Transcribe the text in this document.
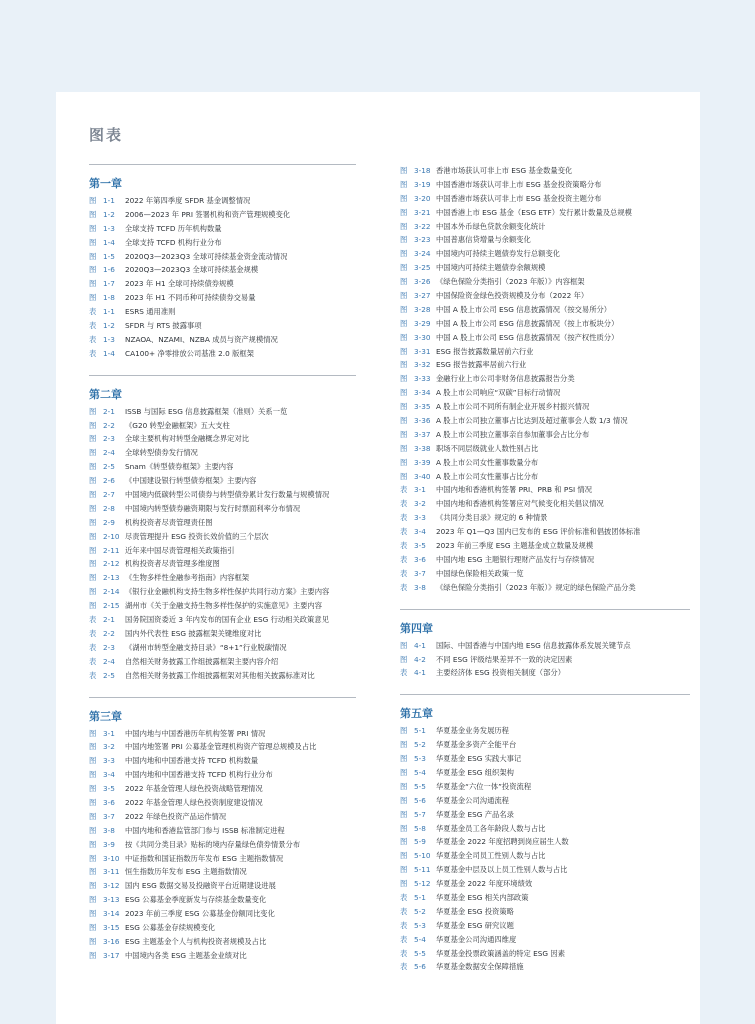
图表
第一章
图 1-1	2022 年第四季度 SFDR 基金调整情况
图 1-2	2006—2023 年 PRI 签署机构和资产管理规模变化
图 1-3	全球支持 TCFD 历年机构数量
图 1-4	全球支持 TCFD 机构行业分布
图 1-5	2020Q3—2023Q3 全球可持续基金资金流动情况
图 1-6	2020Q3—2023Q3 全球可持续基金规模
图 1-7	2023 年 H1 全球可持续债券规模
图 1-8	2023 年 H1 不同币种可持续债券交易量
表 1-1	ESRS 通用准则
表 1-2	SFDR 与 RTS 披露事项
表 1-3	NZAOA、NZAMI、NZBA 成员与资产规模情况
表 1-4	CA100+ 净零排放公司基准 2.0 版框架
第二章
图 2-1	ISSB 与国际 ESG 信息披露框架（准则）关系一览
图 2-2	《G20 转型金融框架》五大支柱
图 2-3	全球主要机构对转型金融概念界定对比
图 2-4	全球转型债券发行情况
图 2-5	Snam《转型债券框架》主要内容
图 2-6	《中国建设银行转型债券框架》主要内容
图 2-7	中国境内低碳转型公司债券与转型债券累计发行数量与规模情况
图 2-8	中国境内转型债券融资期限与发行时票面利率分布情况
图 2-9	机构投资者尽责管理责任图
图 2-10 尽责管理提升 ESG 投资长效价值的三个层次
图 2-11 近年来中国尽责管理相关政策指引
图 2-12 机构投资者尽责管理多维度图
图 2-13 《生物多样性金融参考指南》内容框架
图 2-14 《银行业金融机构支持生物多样性保护共同行动方案》主要内容
图 2-15 湖州市《关于金融支持生物多样性保护的实施意见》主要内容
表 2-1	国务院国资委近 3 年内发布的国有企业 ESG 行动相关政策意见
表 2-2	国内外代表性 ESG 披露框架关键维度对比
表 2-3	《湖州市转型金融支持目录》“8+1”行业脱碳情况
表 2-4	自然相关财务披露工作组披露框架主要内容介绍
表 2-5	自然相关财务披露工作组披露框架对其他相关披露标准对比
第三章
图 3-1	中国内地与中国香港历年机构签署 PRI 情况
图 3-2	中国内地签署 PRI 公募基金管理机构资产管理总规模及占比
图 3-3	中国内地和中国香港支持 TCFD 机构数量
图 3-4	中国内地和中国香港支持 TCFD 机构行业分布
图 3-5	2022 年基金管理人绿色投资战略管理情况
图 3-6	2022 年基金管理人绿色投资制度建设情况
图 3-7	2022 年绿色投资产品运作情况
图 3-8	中国内地和香港监管部门参与 ISSB 标准制定进程
图 3-9	按《共同分类目录》贴标的境内存量绿色债券情景分布
图 3-10 中证指数和国证指数历年发布 ESG 主题指数情况
图 3-11 恒生指数历年发布 ESG 主题指数情况
图 3-12 国内 ESG 数据交易及投融资平台近期建设进展
图 3-13 ESG 公募基金季度新发与存续基金数量变化
图 3-14 2023 年前三季度 ESG 公募基金份额同比变化
图 3-15 ESG 公募基金存续规模变化
图 3-16 ESG 主题基金个人与机构投资者规模及占比
图 3-17 中国境内各类 ESG 主题基金业绩对比
图 3-18 香港市场获认可非上市 ESG 基金数量变化
图 3-19 中国香港市场获认可非上市 ESG 基金投资策略分布
图 3-20 中国香港市场获认可非上市 ESG 基金投资主题分布
图 3-21 中国香港上市 ESG 基金（ESG ETF）发行累计数量及总规模
图 3-22 中国本外币绿色贷款余额变化统计
图 3-23 中国普惠信贷增量与余额变化
图 3-24 中国境内可持续主题债券发行总额变化
图 3-25 中国境内可持续主题债券余额规模
图 3-26 《绿色保险分类指引（2023 年版）》内容框架
图 3-27 中国保险资金绿色投资规模及分布（2022 年）
图 3-28 中国 A 股上市公司 ESG 信息披露情况（按交易所分）
图 3-29 中国 A 股上市公司 ESG 信息披露情况（按上市板块分）
图 3-30 中国 A 股上市公司 ESG 信息披露情况（按产权性质分）
图 3-31 ESG 报告披露数量居前六行业
图 3-32 ESG 报告披露率居前六行业
图 3-33 金融行业上市公司非财务信息披露报告分类
图 3-34 A 股上市公司响应“双碳”目标行动情况
图 3-35 A 股上市公司不同所有制企业开展乡村振兴情况
图 3-36 A 股上市公司独立董事占比达到及超过董事会人数 1/3 情况
图 3-37 A 股上市公司独立董事亲自参加董事会占比分布
图 3-38 职场不同层级就业人数性别占比
图 3-39 A 股上市公司女性董事数量分布
图 3-40 A 股上市公司女性董事占比分布
表 3-1	中国内地和香港机构签署 PRI、PRB 和 PSI 情况
表 3-2	中国内地和香港机构签署应对气候变化相关倡议情况
表 3-3	《共同分类目录》规定的 6 种情景
表 3-4	2023 年 Q1—Q3 国内已发布的 ESG 评价标准和倡披团体标准
表 3-5	2023 年前三季度 ESG 主题基金成立数量及规模
表 3-6	中国内地 ESG 主题银行理财产品发行与存续情况
表 3-7	中国绿色保险相关政策一览
表 3-8	《绿色保险分类指引（2023 年版）》规定的绿色保险产品分类
第四章
图 4-1	国际、中国香港与中国内地 ESG 信息披露体系发展关键节点
图 4-2	不同 ESG 评级结果差异不一致的决定因素
表 4-1	主要经济体 ESG 投资相关制度（部分）
第五章
图 5-1	华夏基金业务发展历程
图 5-2	华夏基金多资产全能平台
图 5-3	华夏基金 ESG 实践大事记
图 5-4	华夏基金 ESG 组织架构
图 5-5	华夏基金“六位一体”投资流程
图 5-6	华夏基金公司沟通流程
图 5-7	华夏基金 ESG 产品名录
图 5-8	华夏基金员工各年龄段人数与占比
图 5-9	华夏基金 2022 年度招聘到岗应届生人数
图 5-10 华夏基金全司员工性别人数与占比
图 5-11 华夏基金中层及以上员工性别人数与占比
图 5-12 华夏基金 2022 年度环境绩效
表 5-1	华夏基金 ESG 相关内部政策
表 5-2	华夏基金 ESG 投资策略
表 5-3	华夏基金 ESG 研究议题
表 5-4	华夏基金公司沟通四维度
表 5-5	华夏基金投票政策涵盖的特定 ESG 因素
表 5-6	华夏基金数据安全保障措施
